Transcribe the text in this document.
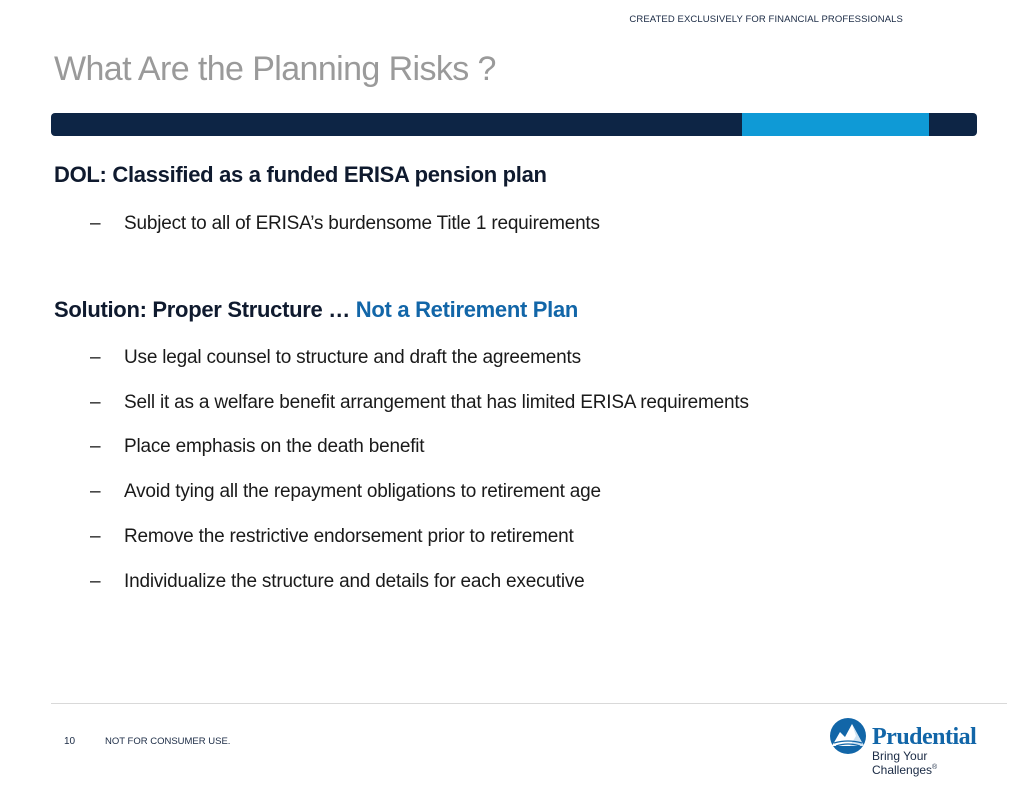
CREATED EXCLUSIVELY FOR FINANCIAL PROFESSIONALS
What Are the Planning Risks ?
DOL: Classified as a funded ERISA pension plan
– Subject to all of ERISA’s burdensome Title 1 requirements
Solution: Proper Structure … Not a Retirement Plan
– Use legal counsel to structure and draft the agreements
– Sell it as a welfare benefit arrangement that has limited ERISA requirements
– Place emphasis on the death benefit
– Avoid tying all the repayment obligations to retirement age
– Remove the restrictive endorsement prior to retirement
– Individualize the structure and details for each executive
10	NOT FOR CONSUMER USE.	Prudential
Bring Your Challenges®
